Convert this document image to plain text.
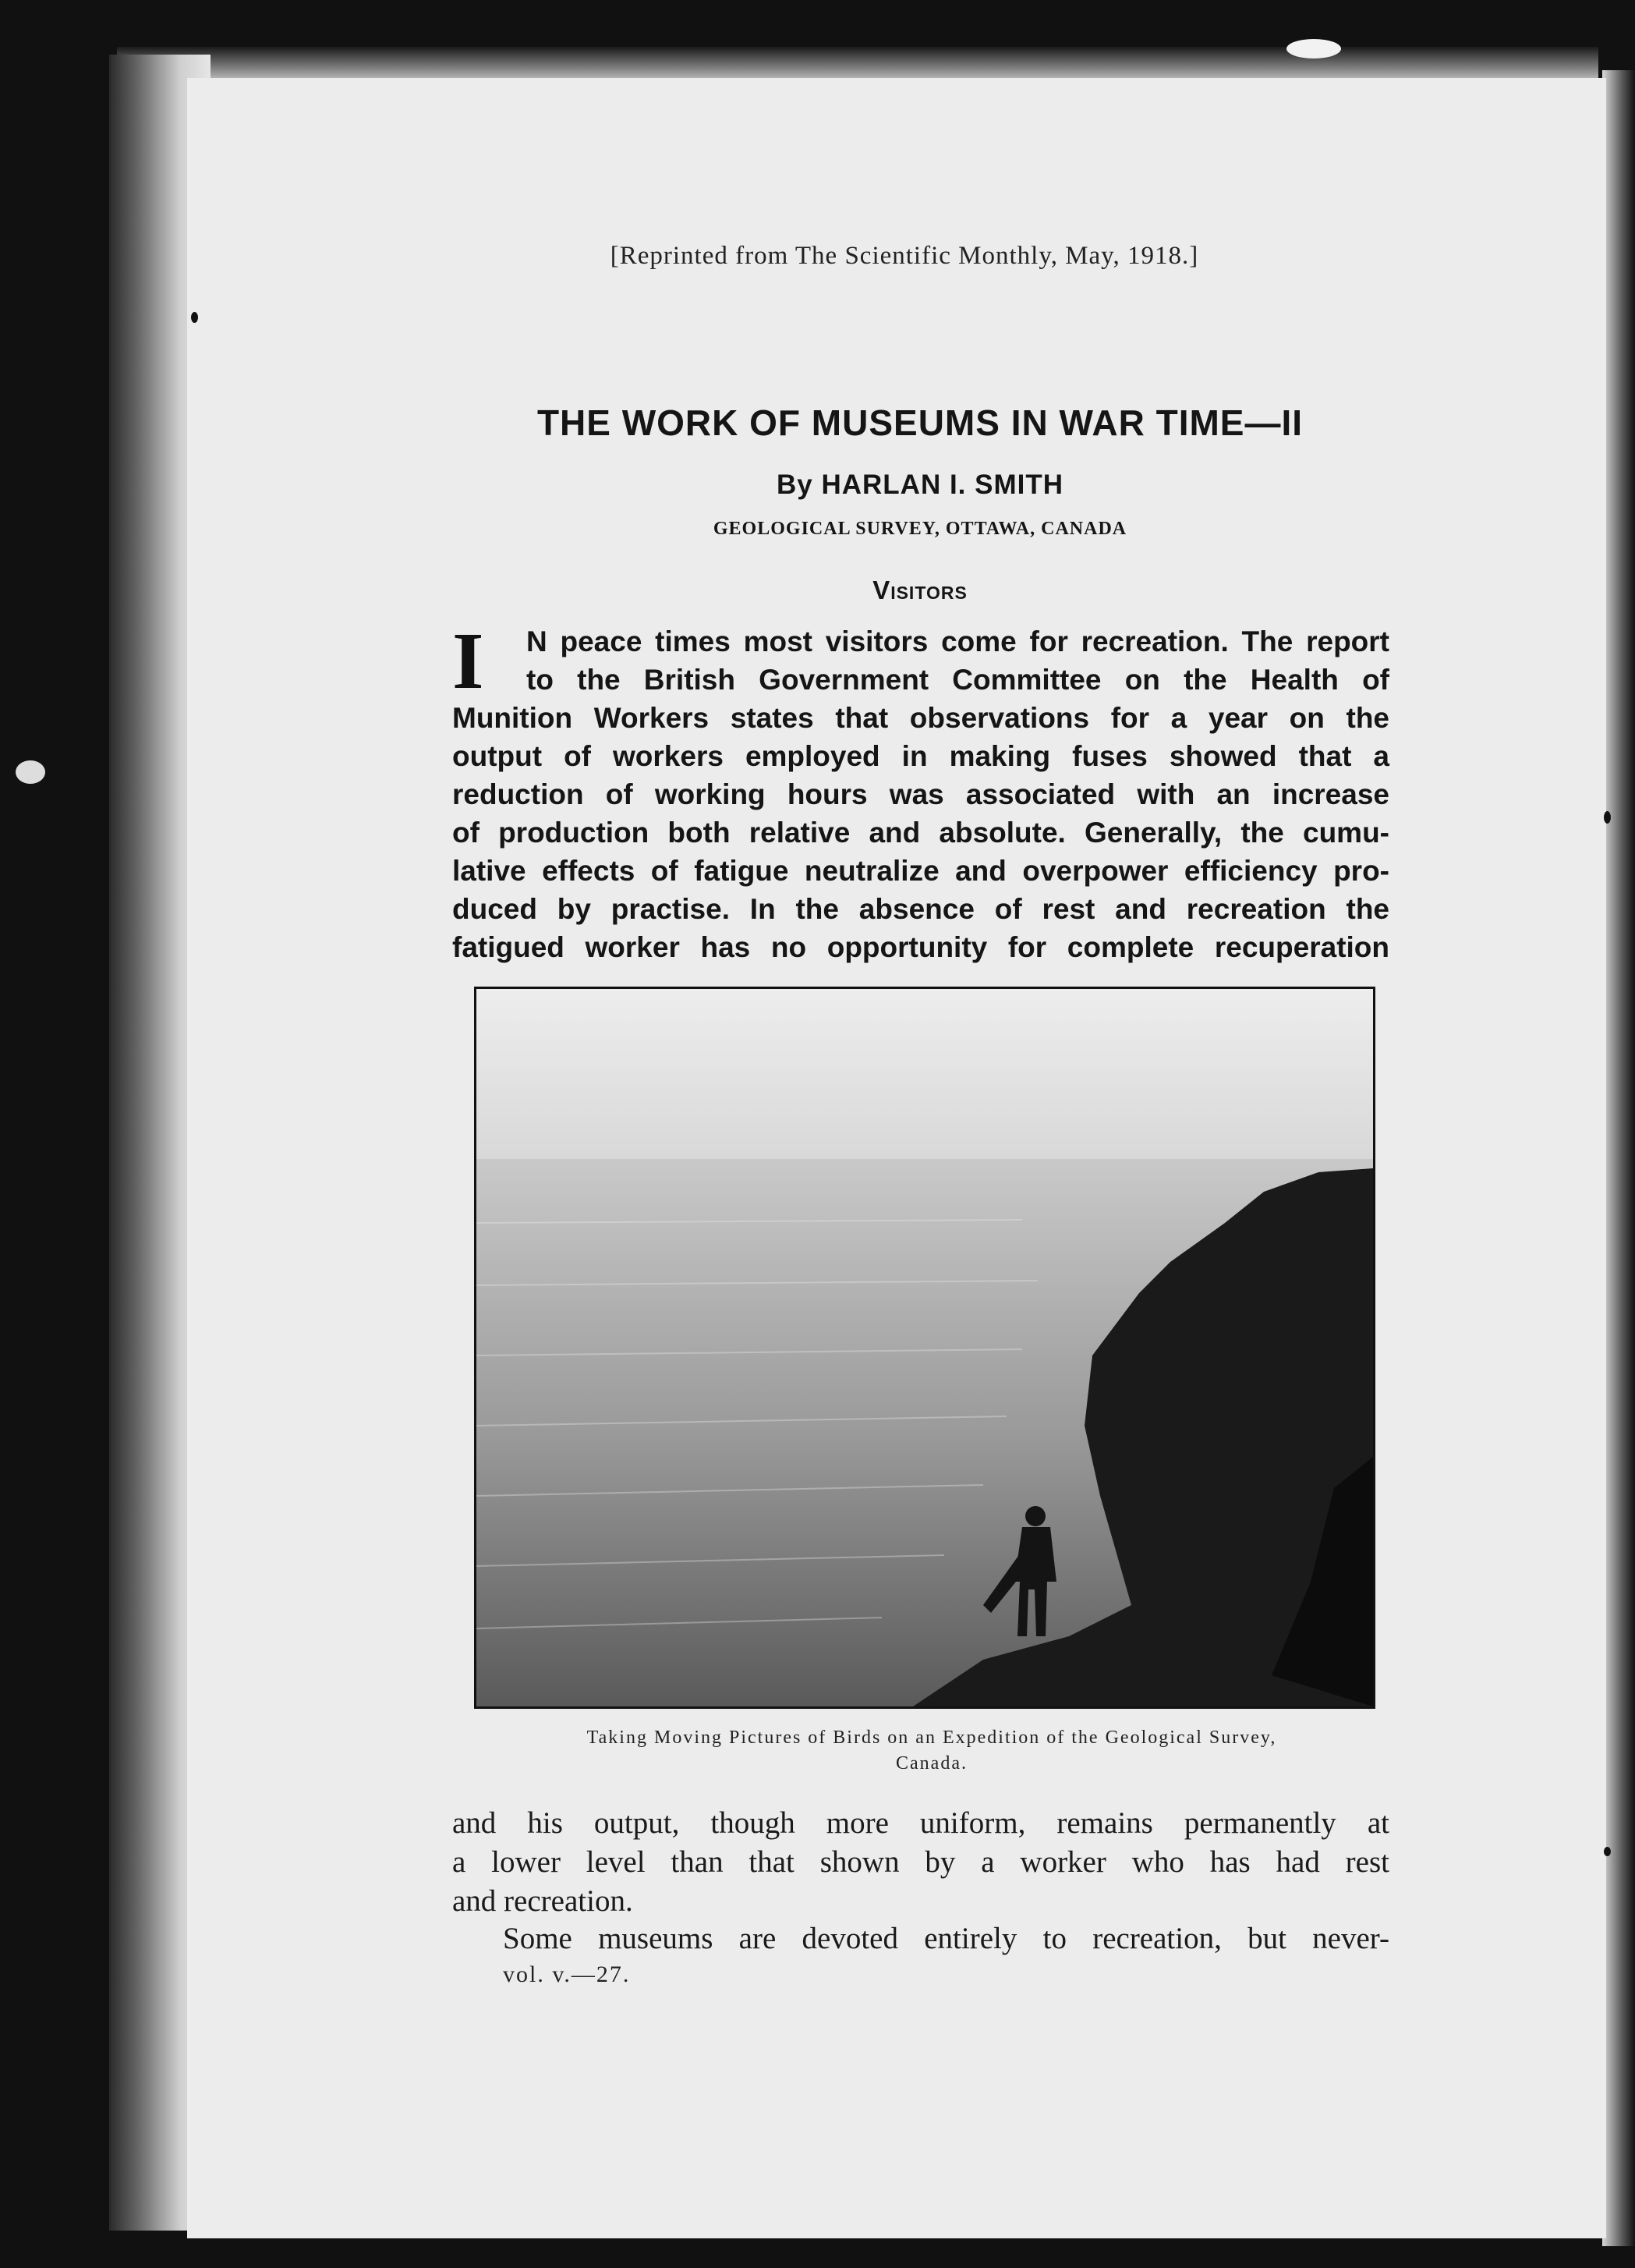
[Reprinted from The Scientific Monthly, May, 1918.]
THE WORK OF MUSEUMS IN WAR TIME—II
By HARLAN I. SMITH
GEOLOGICAL SURVEY, OTTAWA, CANADA
Visitors
I N peace times most visitors come for recreation. The report
to the British Government Committee on the Health of
Munition Workers states that observations for a year on the
output of workers employed in making fuses showed that a
reduction of working hours was associated with an increase
of production both relative and absolute. Generally, the cumu-
lative effects of fatigue neutralize and overpower efficiency pro-
duced by practise. In the absence of rest and recreation the
fatigued worker has no opportunity for complete recuperation
Taking Moving Pictures of Birds on an Expedition of the Geological Survey,
Canada.
and his output, though more uniform, remains permanently at
a lower level than that shown by a worker who has had rest
and recreation.
Some museums are devoted entirely to recreation, but never-
vol. v.—27.
